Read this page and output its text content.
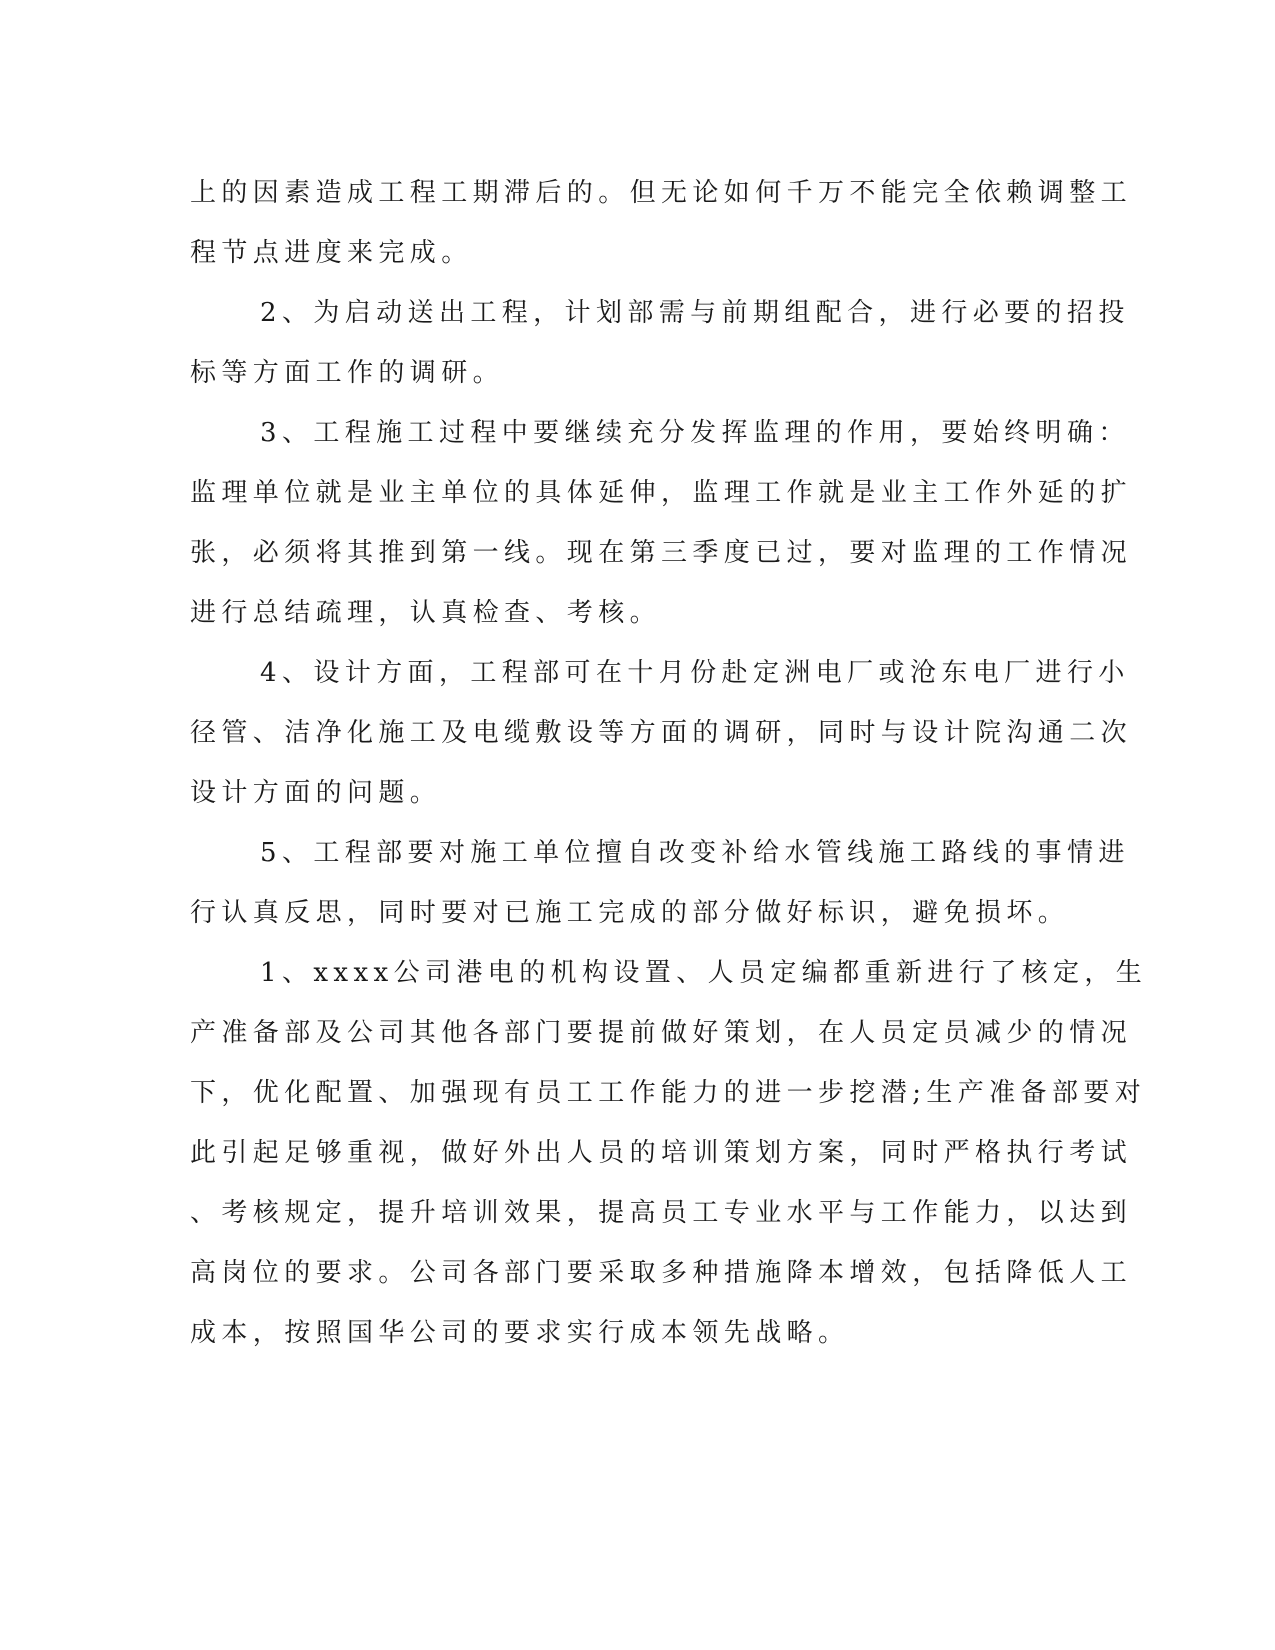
上的因素造成工程工期滞后的。但无论如何千万不能完全依赖调整工
程节点进度来完成。
2、为启动送出工程，计划部需与前期组配合，进行必要的招投
标等方面工作的调研。
3、工程施工过程中要继续充分发挥监理的作用，要始终明确：
监理单位就是业主单位的具体延伸，监理工作就是业主工作外延的扩
张，必须将其推到第一线。现在第三季度已过，要对监理的工作情况
进行总结疏理，认真检查、考核。
4、设计方面，工程部可在十月份赴定洲电厂或沧东电厂进行小
径管、洁净化施工及电缆敷设等方面的调研，同时与设计院沟通二次
设计方面的问题。
5、工程部要对施工单位擅自改变补给水管线施工路线的事情进
行认真反思，同时要对已施工完成的部分做好标识，避免损坏。
1、xxxx公司港电的机构设置、人员定编都重新进行了核定，生
产准备部及公司其他各部门要提前做好策划，在人员定员减少的情况
下，优化配置、加强现有员工工作能力的进一步挖潜;生产准备部要对
此引起足够重视，做好外出人员的培训策划方案，同时严格执行考试
、考核规定，提升培训效果，提高员工专业水平与工作能力，以达到
高岗位的要求。公司各部门要采取多种措施降本增效，包括降低人工
成本，按照国华公司的要求实行成本领先战略。
